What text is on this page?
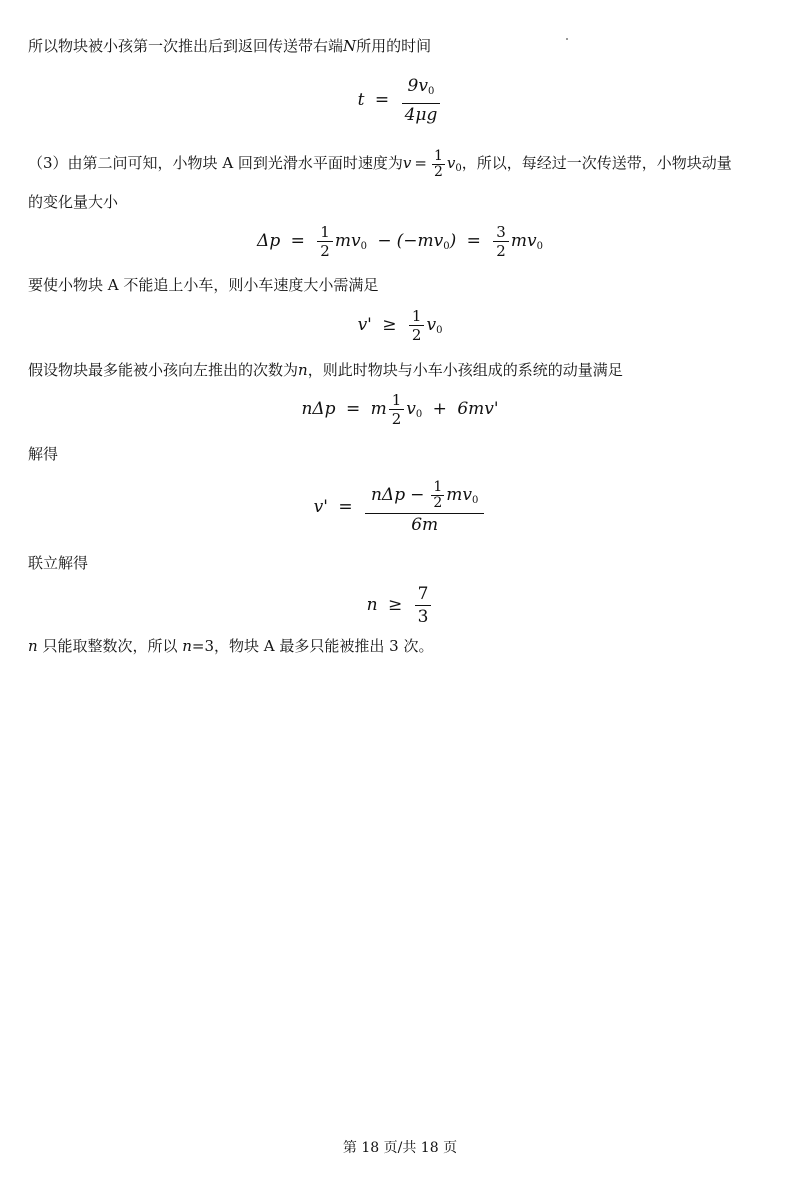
所以物块被小孩第一次推出后到返回传送带右端N所用的时间
$t = \frac{9v_0}{4\mu g}$
（3）由第二问可知，小物块 A 回到光滑水平面时速度为$v = \frac{1}{2} v_0$，所以，每经过一次传送带，小物块动量
的变化量大小
$\Delta p = \frac{1}{2} mv_0 - (-mv_0) = \frac{3}{2} mv_0$
要使小物块 A 不能追上小车，则小车速度大小需满足
$v' \ge \frac{1}{2} v_0$
假设物块最多能被小孩向左推出的次数为n，则此时物块与小车小孩组成的系统的动量满足
nΔp = m $\frac{1}{2} v_0 + 6mv'$
解得
$v' = \frac{n\Delta p - \frac{1}{2} mv_0}{6m}$
联立解得
$n \ge \frac{7}{3}$
n 只能取整数次，所以 n=3，物块 A 最多只能被推出 3 次。
第 18 页/共 18 页
